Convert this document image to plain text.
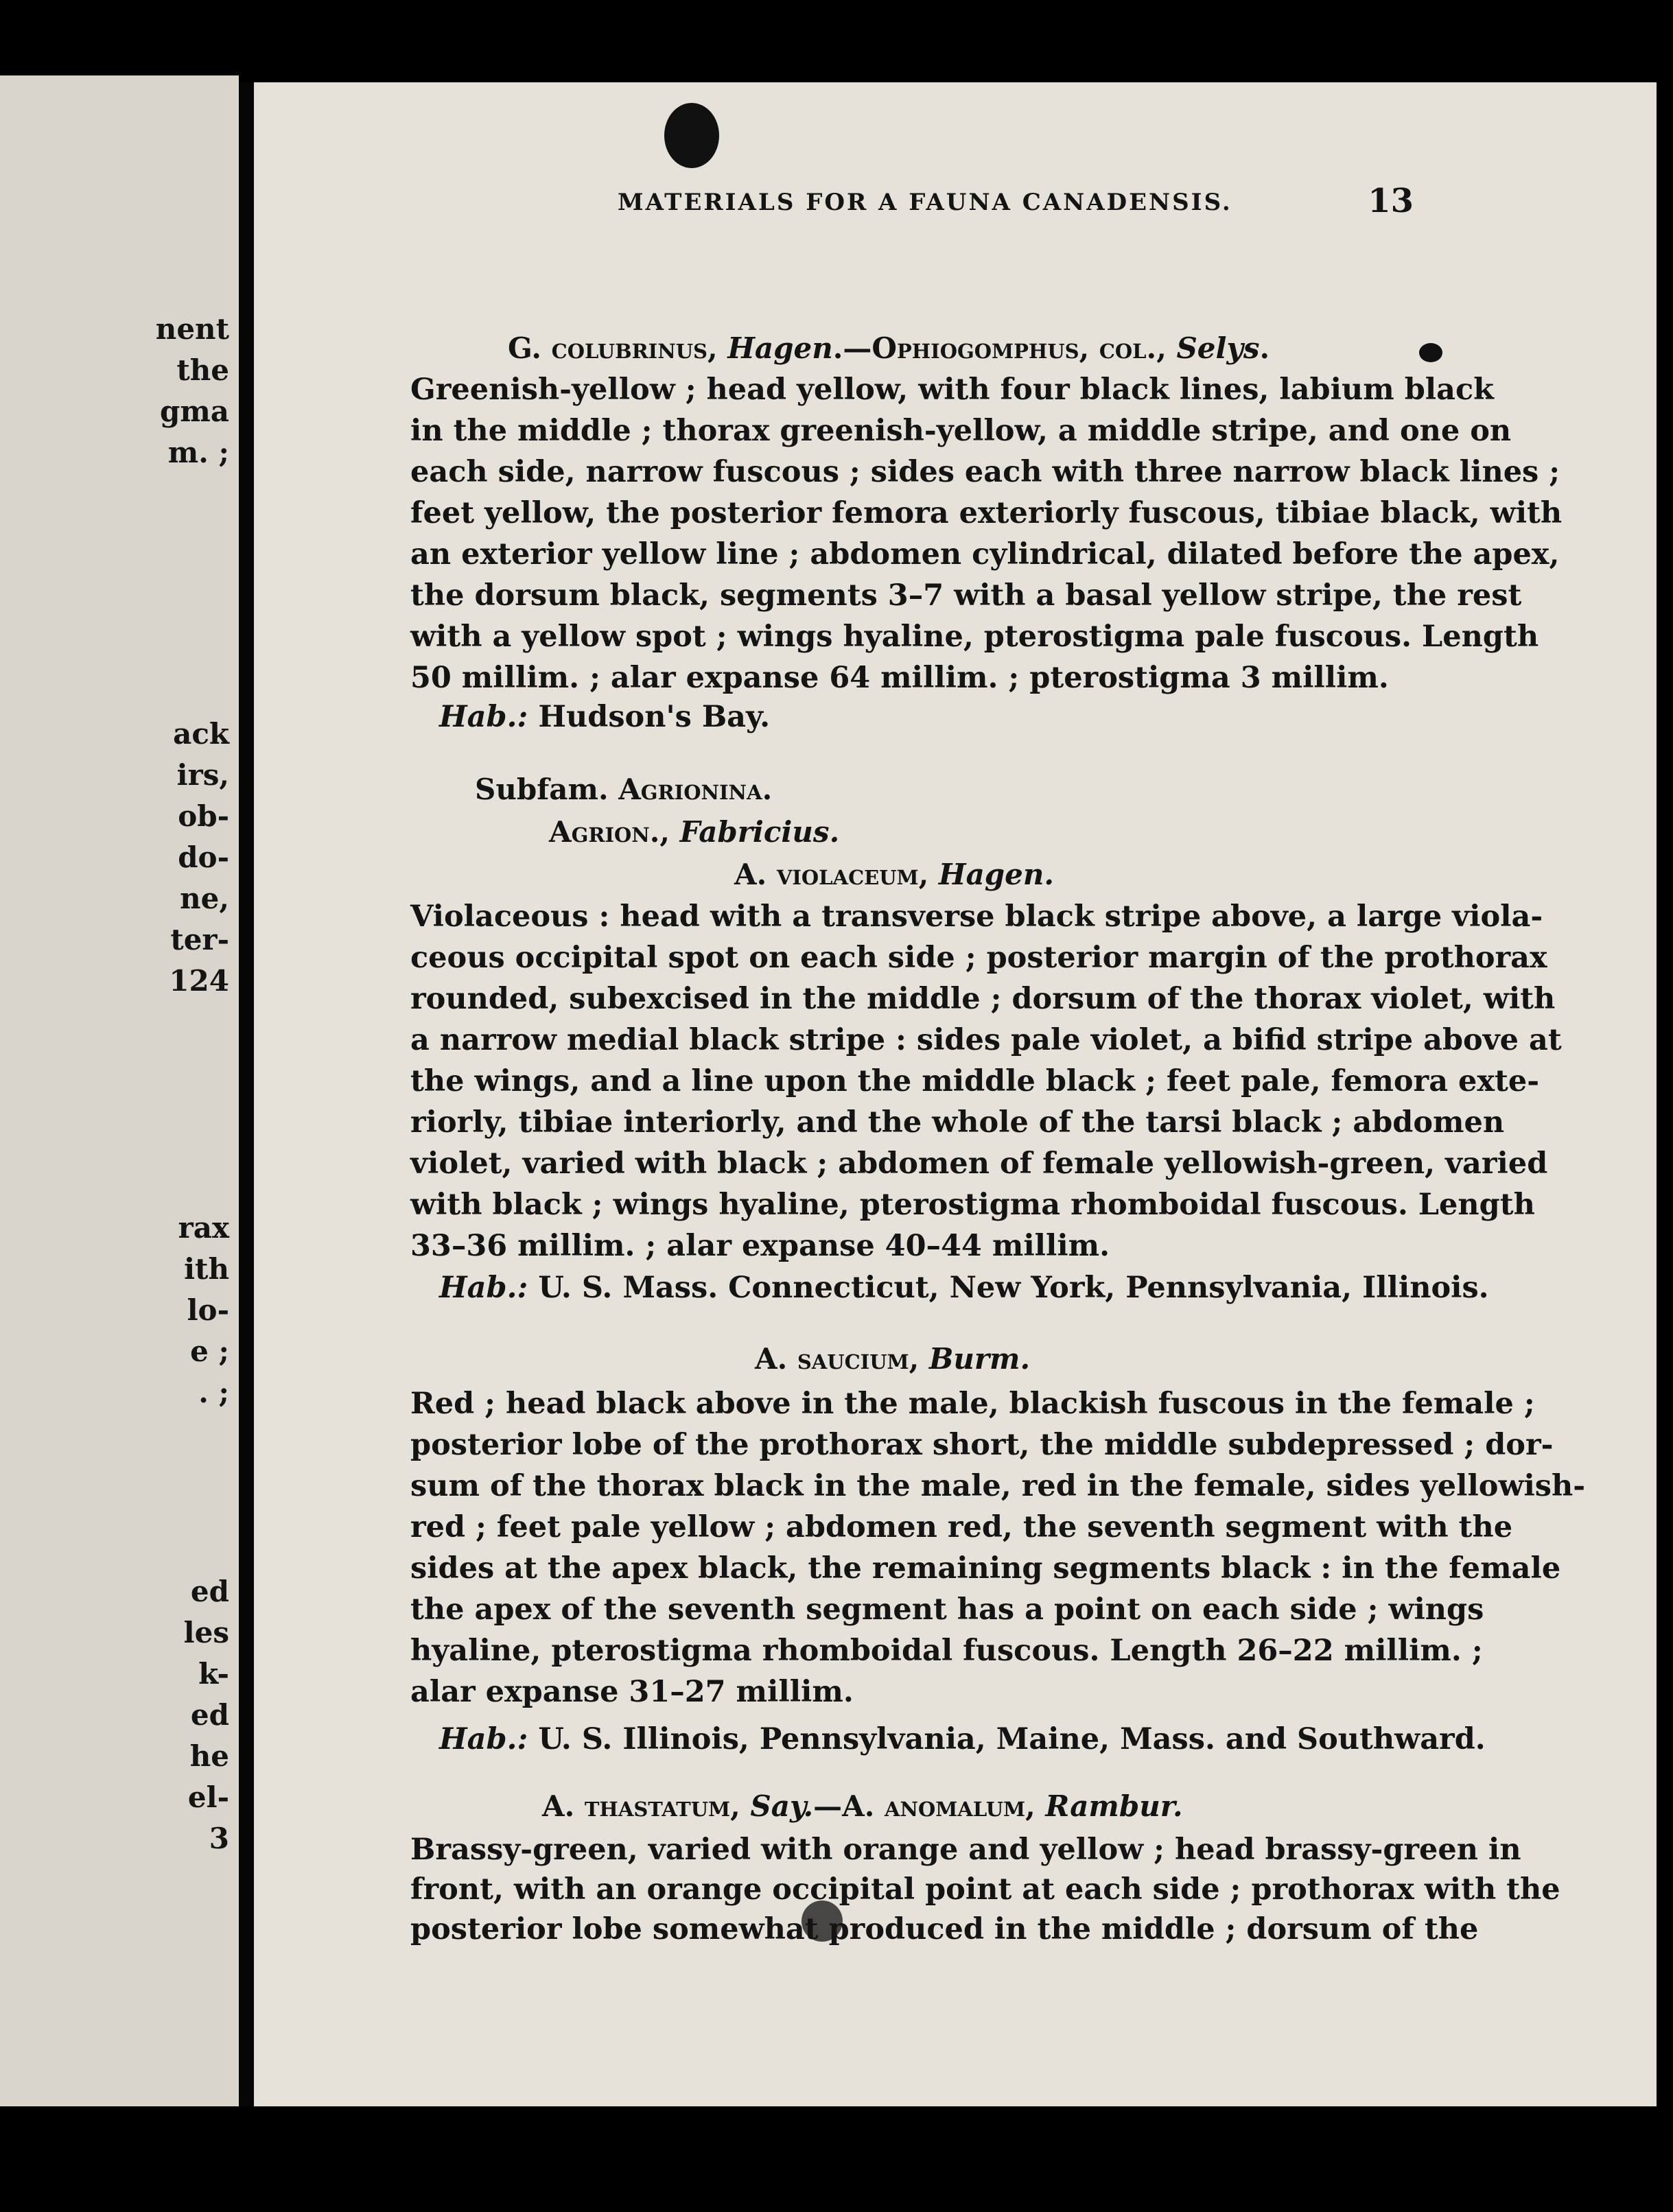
nent
the
gma
m. ;
ack
irs,
ob-
do-
ne,
ter-
124
rax
ith
lo-
e ;
. ;
ed
les
k-
ed
he
el-
3
MATERIALS FOR A FAUNA CANADENSIS.	13
G. colubrinus, Hagen.—Ophiogomphus, col., Selys.
Greenish-yellow ; head yellow, with four black lines, labium black
in the middle ; thorax greenish-yellow, a middle stripe, and one on
each side, narrow fuscous ; sides each with three narrow black lines ;
feet yellow, the posterior femora exteriorly fuscous, tibiae black, with
an exterior yellow line ; abdomen cylindrical, dilated before the apex,
the dorsum black, segments 3–7 with a basal yellow stripe, the rest
with a yellow spot ; wings hyaline, pterostigma pale fuscous. Length
50 millim. ; alar expanse 64 millim. ; pterostigma 3 millim.
Hab.: Hudson's Bay.
Subfam. Agrionina.
Agrion., Fabricius.
A. violaceum, Hagen.
Violaceous : head with a transverse black stripe above, a large viola-
ceous occipital spot on each side ; posterior margin of the prothorax
rounded, subexcised in the middle ; dorsum of the thorax violet, with
a narrow medial black stripe : sides pale violet, a bifid stripe above at
the wings, and a line upon the middle black ; feet pale, femora exte-
riorly, tibiae interiorly, and the whole of the tarsi black ; abdomen
violet, varied with black ; abdomen of female yellowish-green, varied
with black ; wings hyaline, pterostigma rhomboidal fuscous. Length
33–36 millim. ; alar expanse 40–44 millim.
Hab.: U. S. Mass. Connecticut, New York, Pennsylvania, Illinois.
A. saucium, Burm.
Red ; head black above in the male, blackish fuscous in the female ;
posterior lobe of the prothorax short, the middle subdepressed ; dor-
sum of the thorax black in the male, red in the female, sides yellowish-
red ; feet pale yellow ; abdomen red, the seventh segment with the
sides at the apex black, the remaining segments black : in the female
the apex of the seventh segment has a point on each side ; wings
hyaline, pterostigma rhomboidal fuscous. Length 26–22 millim. ;
alar expanse 31–27 millim.
Hab.: U. S. Illinois, Pennsylvania, Maine, Mass. and Southward.
A. thastatum, Say.—A. anomalum, Rambur.
Brassy-green, varied with orange and yellow ; head brassy-green in
front, with an orange occipital point at each side ; prothorax with the
posterior lobe somewhat produced in the middle ; dorsum of the
